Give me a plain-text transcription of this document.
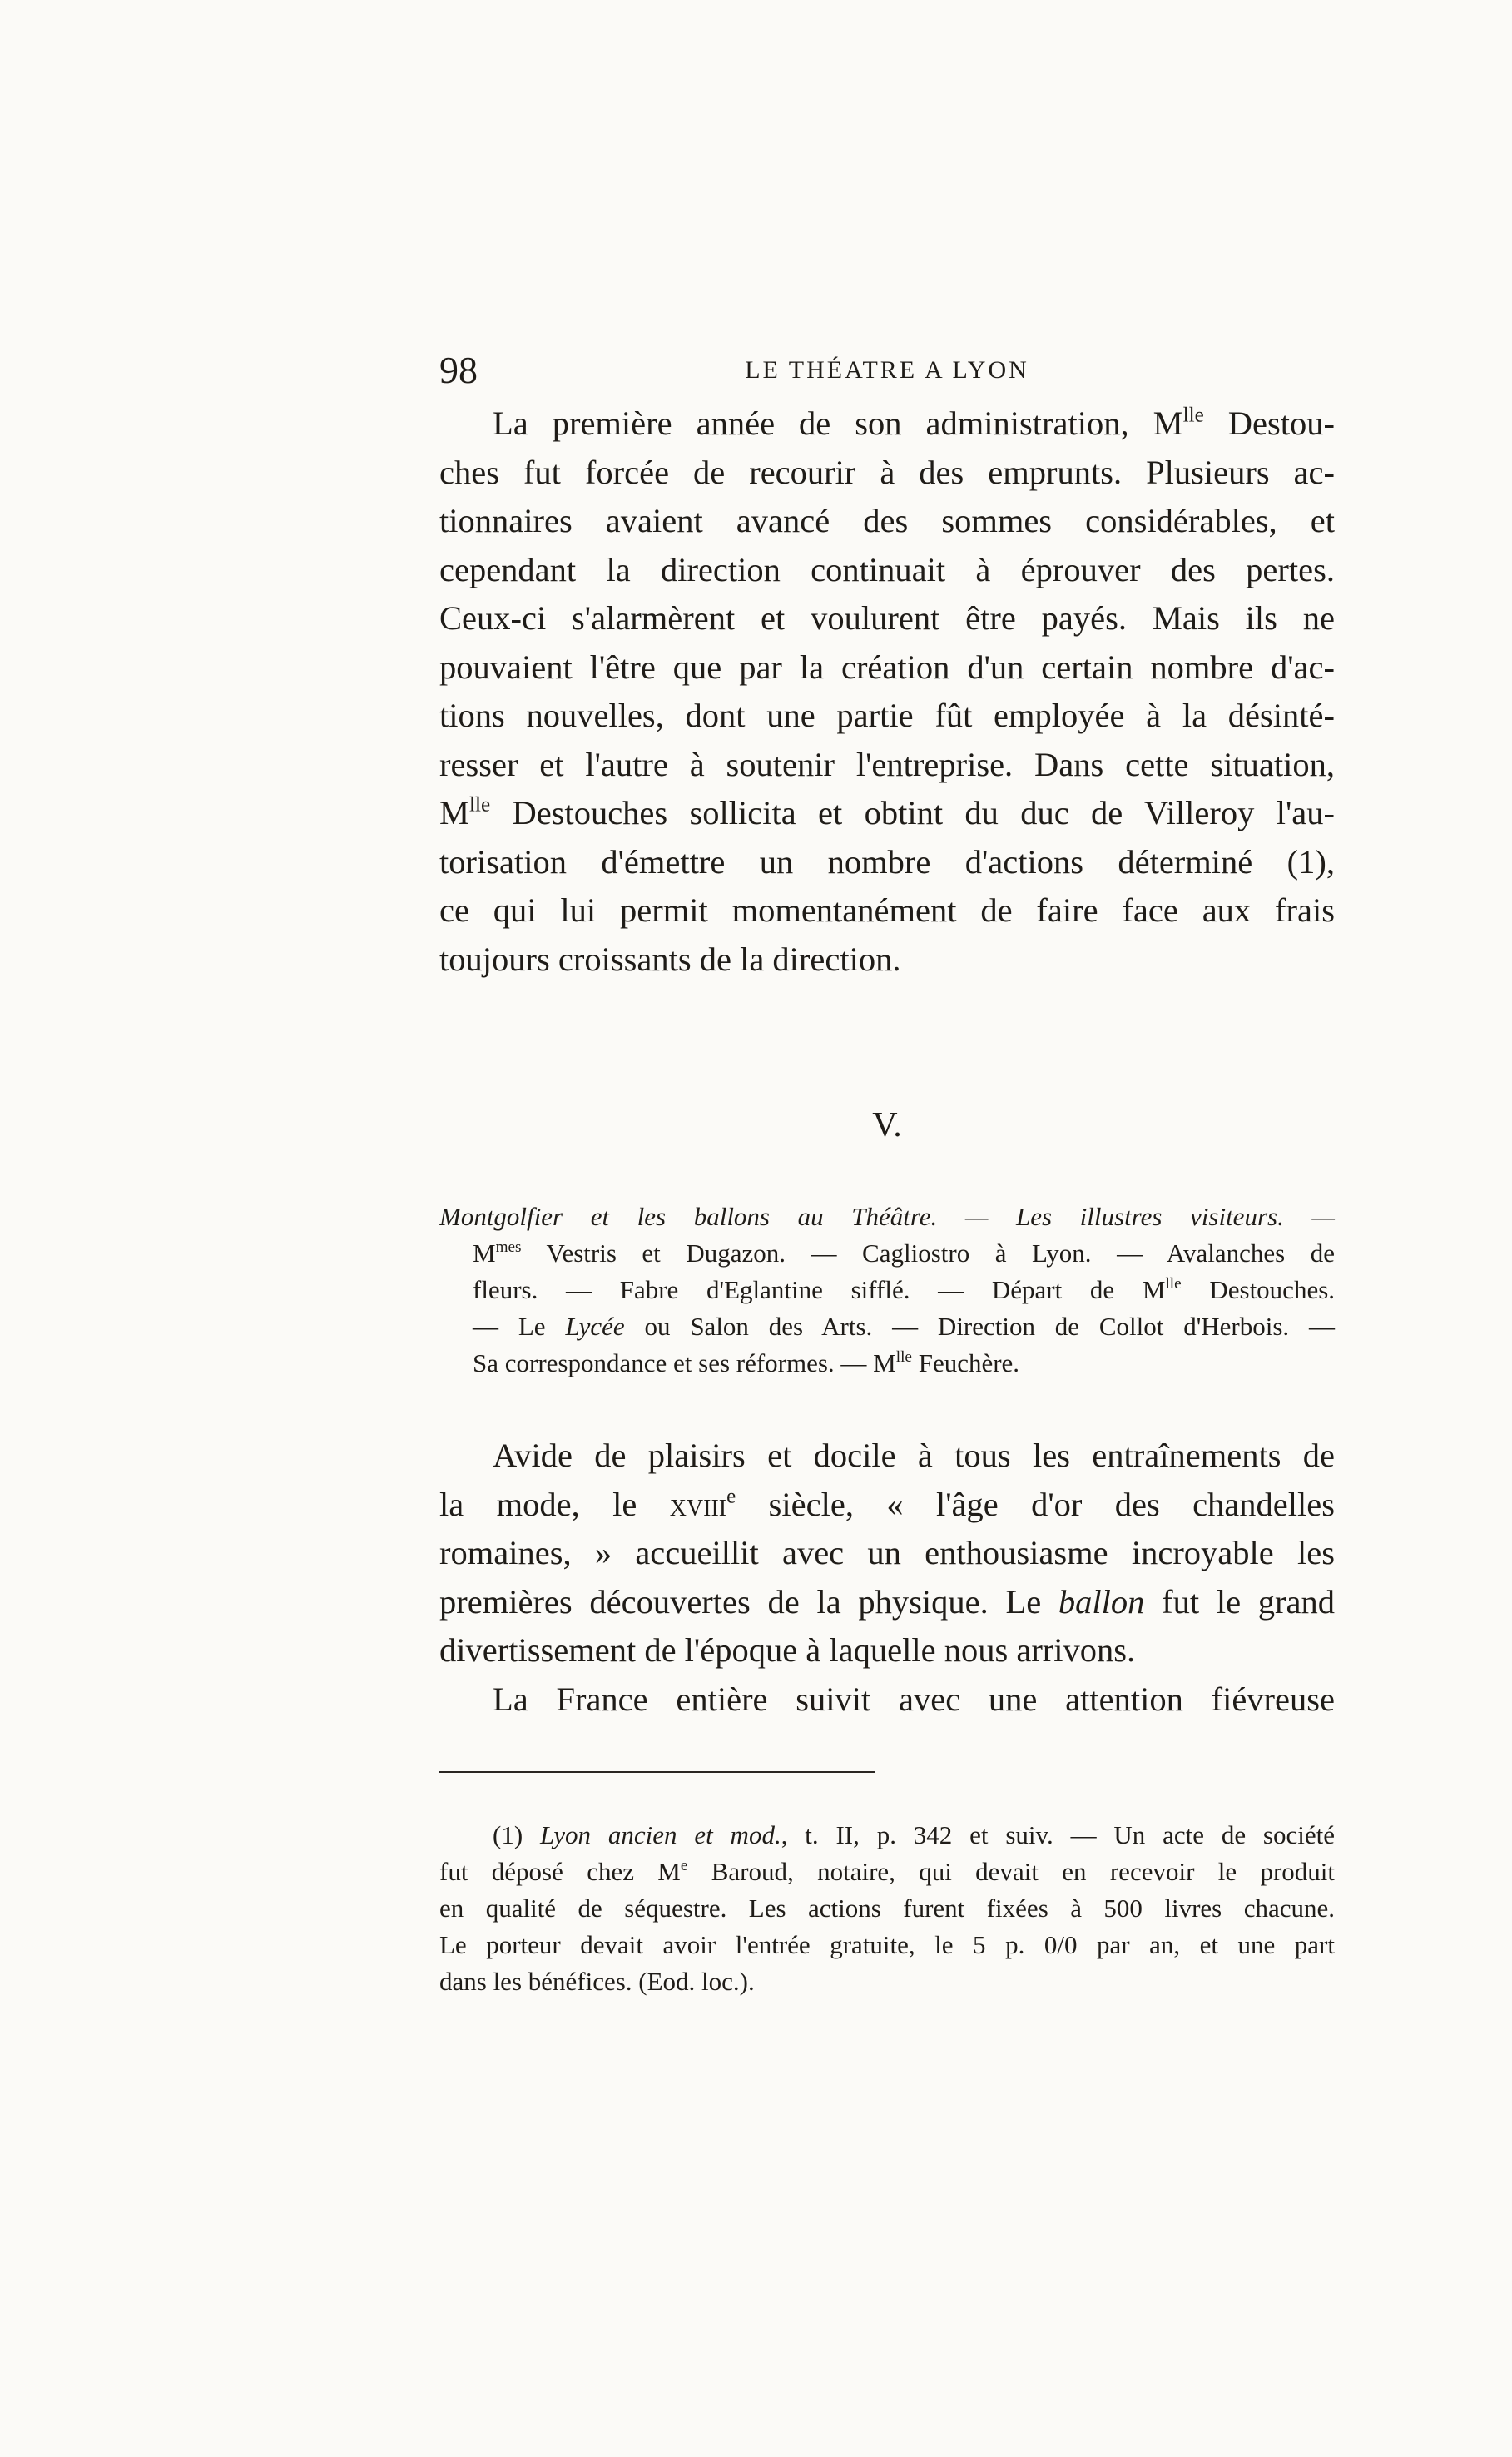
98	LE THÉATRE A LYON
La première année de son administration, $M^{lle}$ Destou-
ches fut forcée de recourir à des emprunts. Plusieurs ac-
tionnaires avaient avancé des sommes considérables, et
cependant la direction continuait à éprouver des pertes.
Ceux-ci s'alarmèrent et voulurent être payés. Mais ils ne
pouvaient l'être que par la création d'un certain nombre d'ac-
tions nouvelles, dont une partie fût employée à la désinté-
resser et l'autre à soutenir l'entreprise. Dans cette situation,
$M^{lle}$ Destouches sollicita et obtint du duc de Villeroy l'au-
torisation d'émettre un nombre d'actions déterminé (1),
ce qui lui permit momentanément de faire face aux frais
toujours croissants de la direction.
V.
Montgolfier et les ballons au Théâtre. — Les illustres visiteurs. —
$M^{mes}$ Vestris et Dugazon. — Cagliostro à Lyon. — Avalanches de
fleurs. — Fabre d'Eglantine sifflé. — Départ de $M^{lle}$ Destouches.
— Le Lycée ou Salon des Arts. — Direction de Collot d'Herbois. —
Sa correspondance et ses réformes. — $M^{lle}$ Feuchère.
Avide de plaisirs et docile à tous les entraînements de
la mode, le xviii$^e$ siècle, « l'âge d'or des chandelles
romaines, » accueillit avec un enthousiasme incroyable les
premières découvertes de la physique. Le ballon fut le grand
divertissement de l'époque à laquelle nous arrivons.
La France entière suivit avec une attention fiévreuse
(1) Lyon ancien et mod., t. II, p. 342 et suiv. — Un acte de société
fut déposé chez Me Baroud, notaire, qui devait en recevoir le produit
en qualité de séquestre. Les actions furent fixées à 500 livres chacune.
Le porteur devait avoir l'entrée gratuite, le 5 p. 0/0 par an, et une part
dans les bénéfices. (Eod. loc.).
